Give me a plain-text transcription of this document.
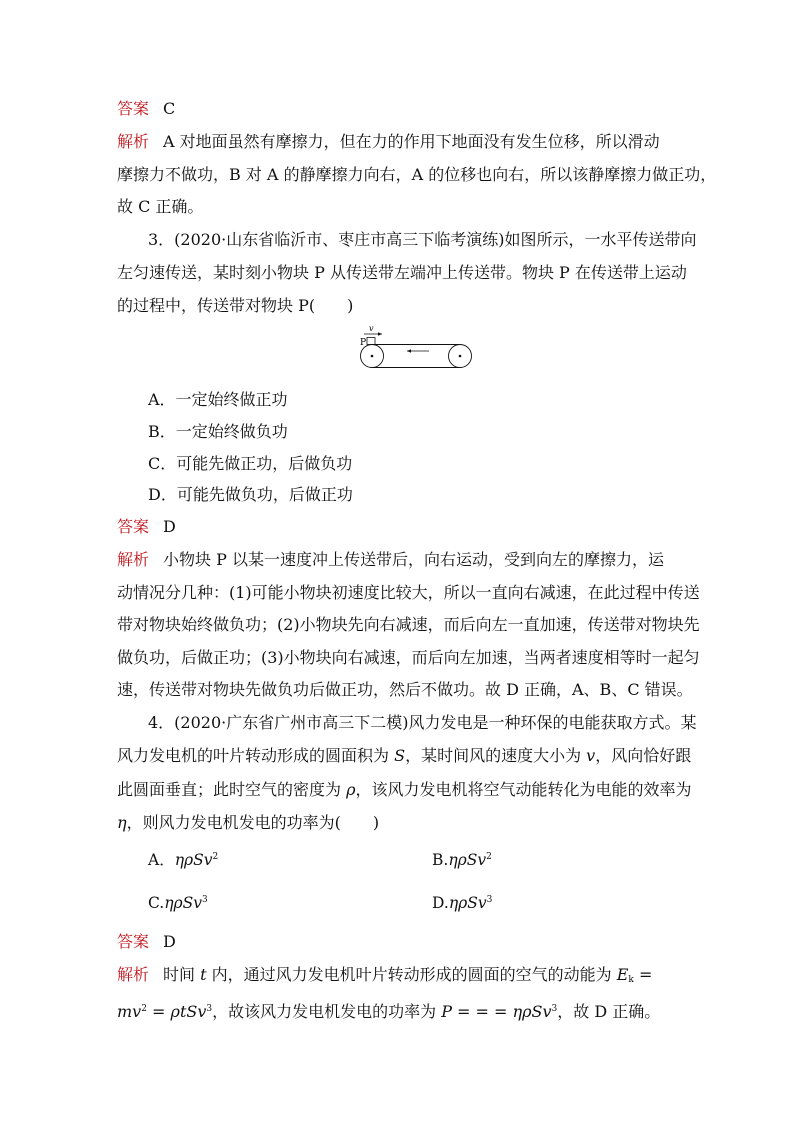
答案 C
解析 A 对地面虽然有摩擦力，但在力的作用下地面没有发生位移，所以滑动
摩擦力不做功，B 对 A 的静摩擦力向右，A 的位移也向右，所以该静摩擦力做正功，
故 C 正确。
3．(2020·山东省临沂市、枣庄市高三下临考演练)如图所示，一水平传送带向
左匀速传送，某时刻小物块 P 从传送带左端冲上传送带。物块 P 在传送带上运动
的过程中，传送带对物块 P(　　)
v
P
A．一定始终做正功
B．一定始终做负功
C．可能先做正功，后做负功
D．可能先做负功，后做正功
答案 D
解析 小物块 P 以某一速度冲上传送带后，向右运动，受到向左的摩擦力，运
动情况分几种：(1)可能小物块初速度比较大，所以一直向右减速，在此过程中传送
带对物块始终做负功；(2)小物块先向右减速，而后向左一直加速，传送带对物块先
做负功，后做正功；(3)小物块向右减速，而后向左加速，当两者速度相等时一起匀
速，传送带对物块先做负功后做正功，然后不做功。故 D 正确，A、B、C 错误。
4．(2020·广东省广州市高三下二模)风力发电是一种环保的电能获取方式。某
风力发电机的叶片转动形成的圆面积为 S，某时间风的速度大小为 v，风向恰好跟
此圆面垂直；此时空气的密度为 ρ，该风力发电机将空气动能转化为电能的效率为
η，则风力发电机发电的功率为(　　)
A．ηρSv$^2$	B.ηρSv$^2$
C.ηρSv$^3$	D.ηρSv$^3$
答案 D
解析 时间 t 内，通过风力发电机叶片转动形成的圆面的空气的动能为 $E_k$ =
$mv^2 = \rho tSv^3$，故该风力发电机发电的功率为 P = = = ηρSv$^3$，故 D 正确。
